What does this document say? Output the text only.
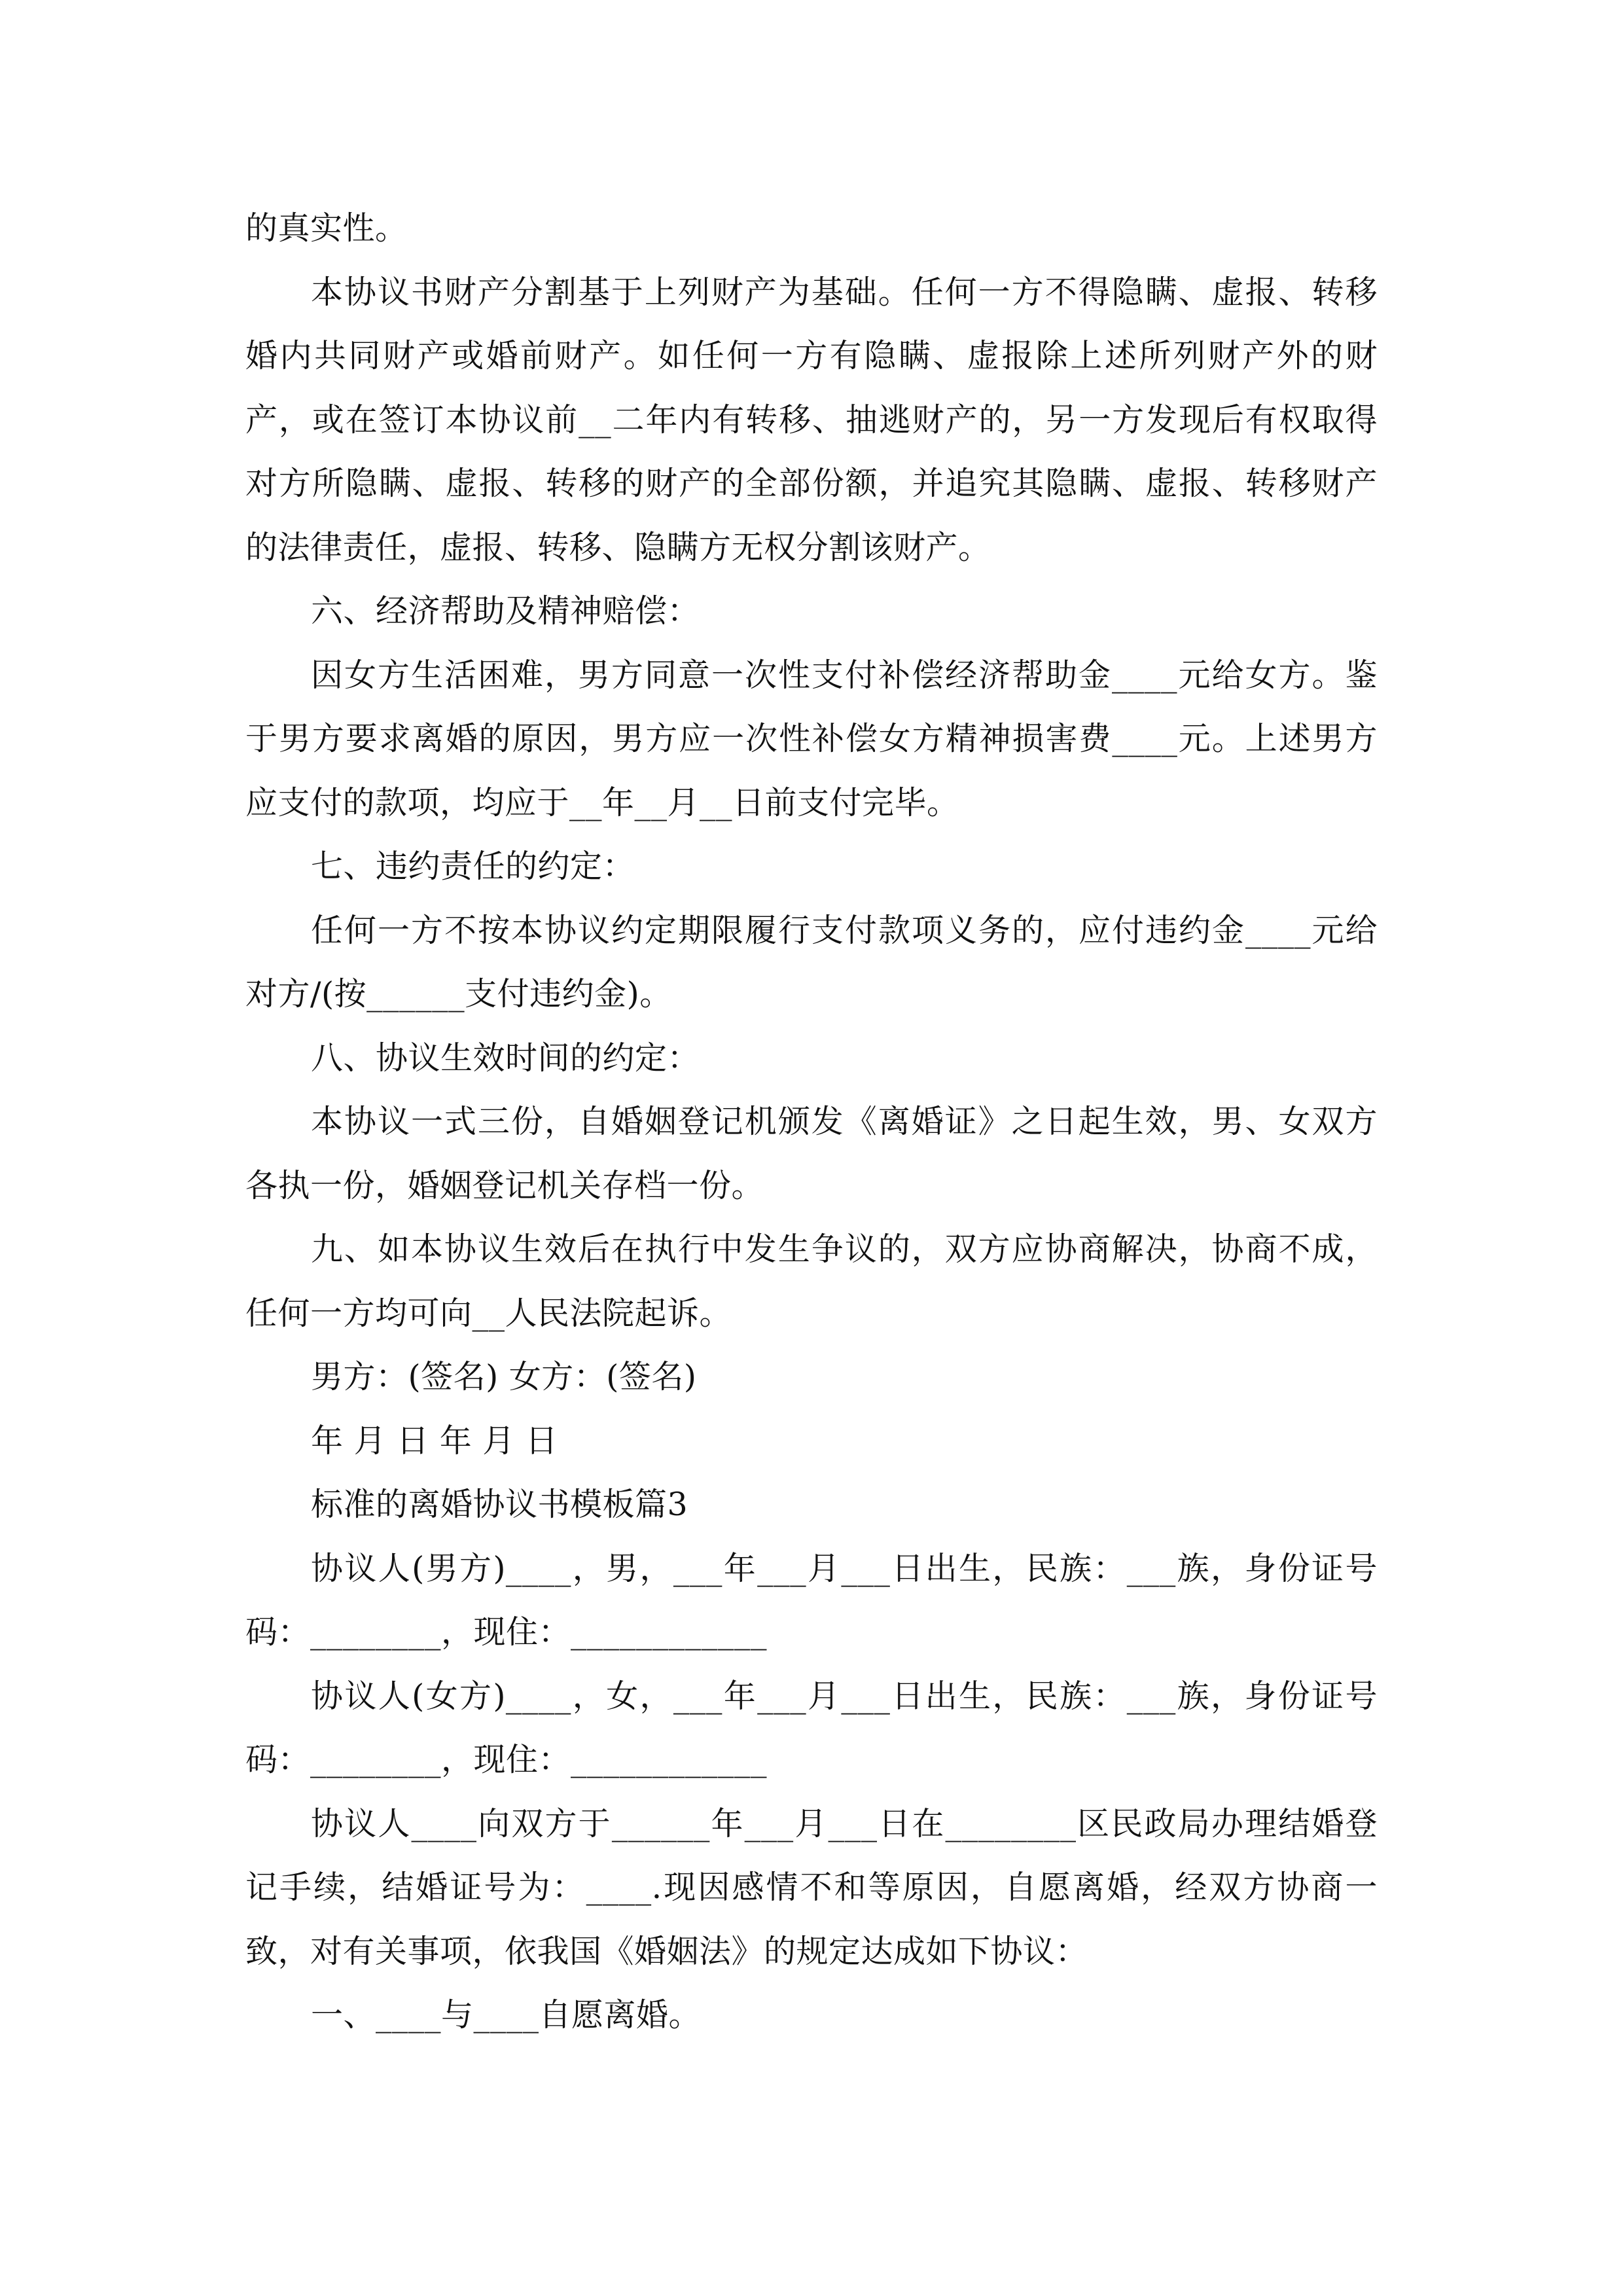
的真实性。

本协议书财产分割基于上列财产为基础。任何一方不得隐瞒、虚报、转移婚内共同财产或婚前财产。如任何一方有隐瞒、虚报除上述所列财产外的财产，或在签订本协议前__二年内有转移、抽逃财产的，另一方发现后有权取得对方所隐瞒、虚报、转移的财产的全部份额，并追究其隐瞒、虚报、转移财产的法律责任，虚报、转移、隐瞒方无权分割该财产。

六、经济帮助及精神赔偿：

因女方生活困难，男方同意一次性支付补偿经济帮助金____元给女方。鉴于男方要求离婚的原因，男方应一次性补偿女方精神损害费____元。上述男方应支付的款项，均应于__年__月__日前支付完毕。

七、违约责任的约定：

任何一方不按本协议约定期限履行支付款项义务的，应付违约金____元给对方/(按______支付违约金)。

八、协议生效时间的约定：

本协议一式三份，自婚姻登记机颁发《离婚证》之日起生效，男、女双方各执一份，婚姻登记机关存档一份。

九、如本协议生效后在执行中发生争议的，双方应协商解决，协商不成，任何一方均可向__人民法院起诉。

男方：(签名) 女方：(签名)

年 月 日 年 月 日

标准的离婚协议书模板篇3

协议人(男方)____，男，___年___月___日出生，民族：___族，身份证号码：________，现住：____________

协议人(女方)____，女，___年___月___日出生，民族：___族，身份证号码：________，现住：____________

协议人____向双方于______年___月___日在________区民政局办理结婚登记手续，结婚证号为：____.现因感情不和等原因，自愿离婚，经双方协商一致，对有关事项，依我国《婚姻法》的规定达成如下协议：

一、____与____自愿离婚。
